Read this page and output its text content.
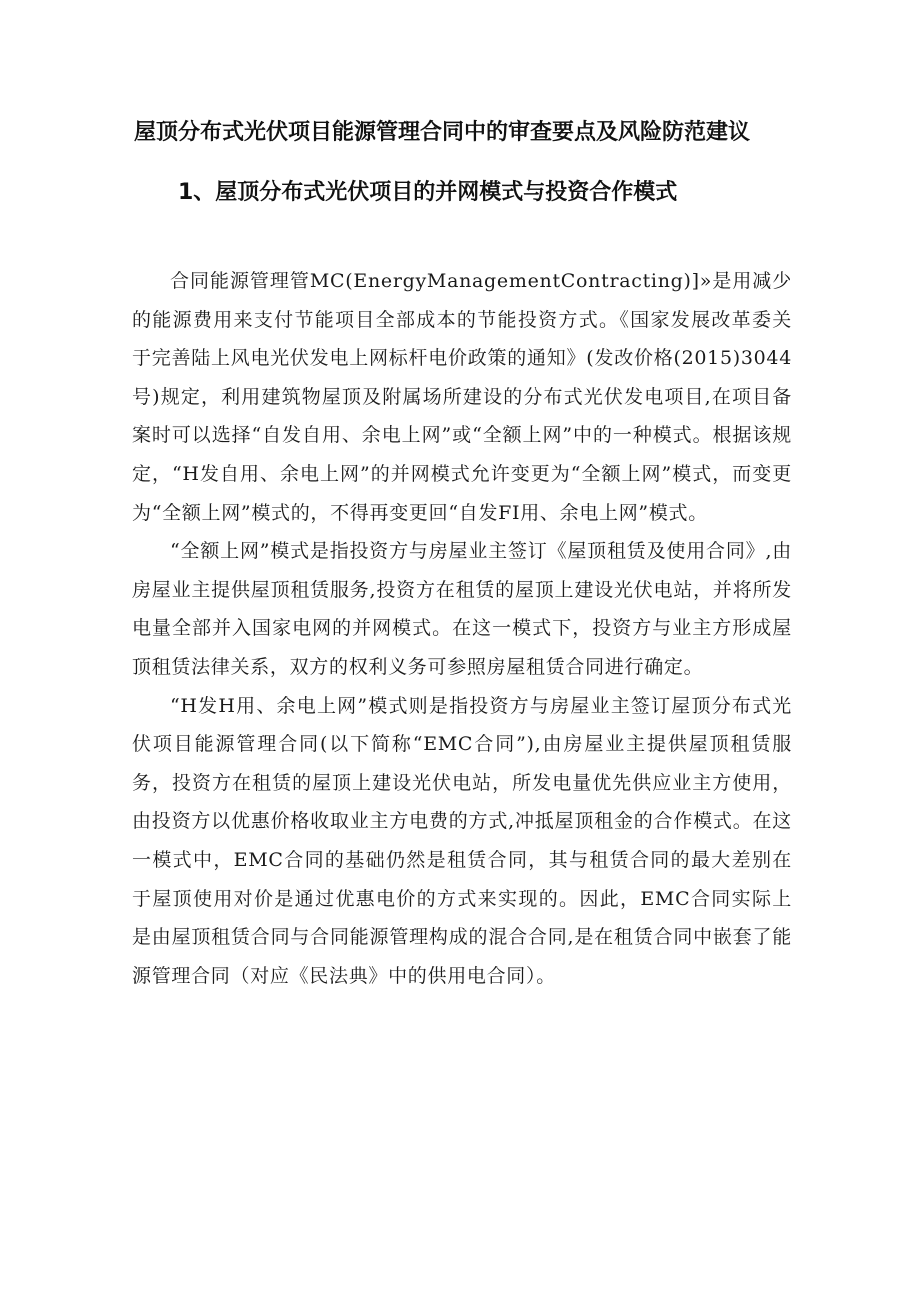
屋顶分布式光伏项目能源管理合同中的审查要点及风险防范建议
1、屋顶分布式光伏项目的并网模式与投资合作模式

合同能源管理管MC(EnergyManagementContracting)]»是用减少的能源费用来支付节能项目全部成本的节能投资方式。《国家发展改革委关于完善陆上风电光伏发电上网标杆电价政策的通知》(发改价格(2015)3044号)规定，利用建筑物屋顶及附属场所建设的分布式光伏发电项目,在项目备案时可以选择“自发自用、余电上网”或“全额上网”中的一种模式。根据该规定，“H发自用、余电上网”的并网模式允许变更为“全额上网”模式，而变更为“全额上网”模式的，不得再变更回“自发FI用、余电上网”模式。

“全额上网”模式是指投资方与房屋业主签订《屋顶租赁及使用合同》,由房屋业主提供屋顶租赁服务,投资方在租赁的屋顶上建设光伏电站，并将所发电量全部并入国家电网的并网模式。在这一模式下，投资方与业主方形成屋顶租赁法律关系，双方的权利义务可参照房屋租赁合同进行确定。

“H发H用、余电上网”模式则是指投资方与房屋业主签订屋顶分布式光伏项目能源管理合同(以下简称“EMC合同”),由房屋业主提供屋顶租赁服务，投资方在租赁的屋顶上建设光伏电站，所发电量优先供应业主方使用，由投资方以优惠价格收取业主方电费的方式,冲抵屋顶租金的合作模式。在这一模式中，EMC合同的基础仍然是租赁合同，其与租赁合同的最大差别在于屋顶使用对价是通过优惠电价的方式来实现的。因此，EMC合同实际上是由屋顶租赁合同与合同能源管理构成的混合合同,是在租赁合同中嵌套了能源管理合同（对应《民法典》中的供用电合同）。
